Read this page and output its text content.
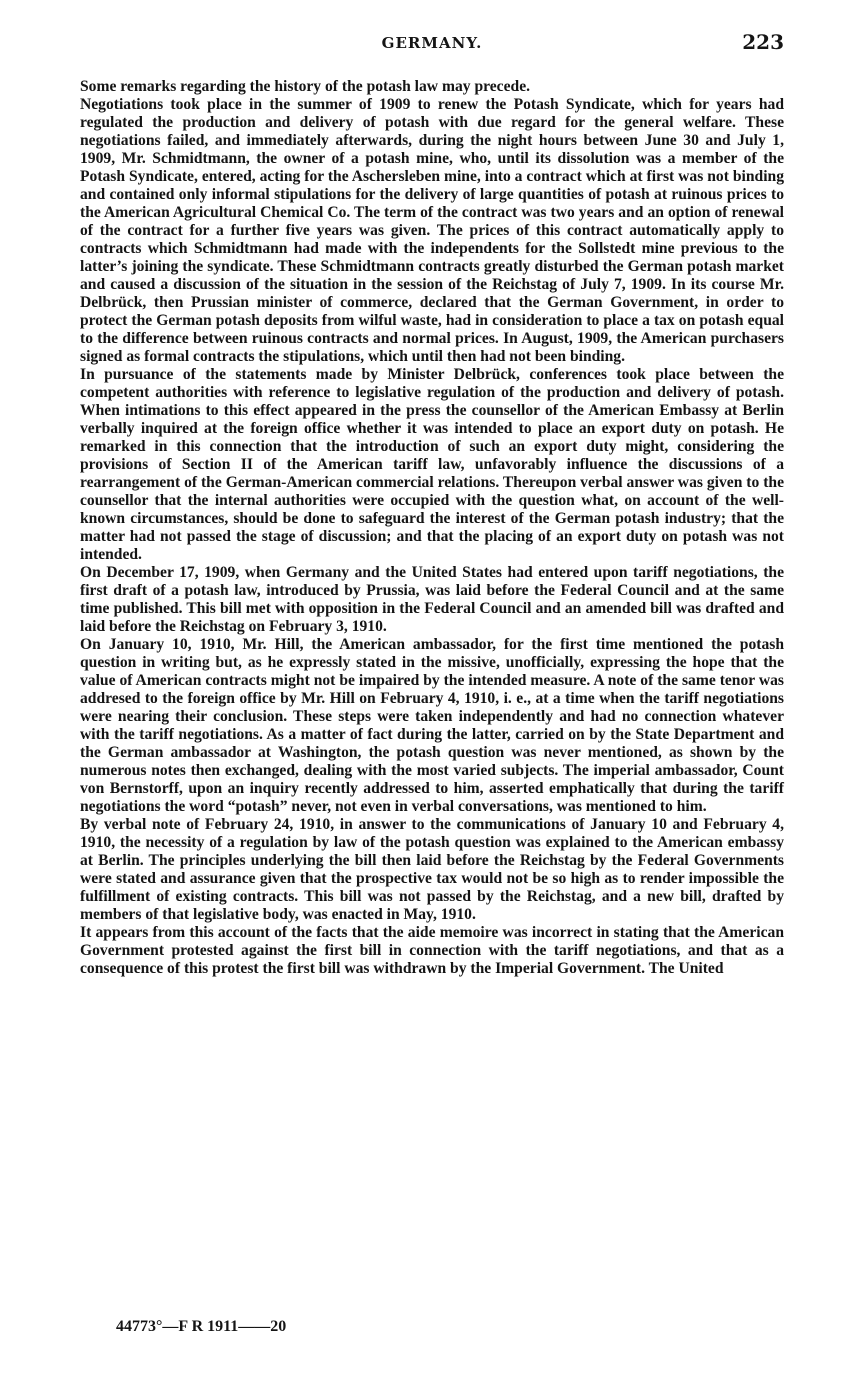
GERMANY.	223

Some remarks regarding the history of the potash law may precede.

Negotiations took place in the summer of 1909 to renew the Potash Syndicate, which for years had regulated the production and delivery of potash with due regard for the general welfare. These negotiations failed, and immediately afterwards, during the night hours between June 30 and July 1, 1909, Mr. Schmidtmann, the owner of a potash mine, who, until its dissolution was a member of the Potash Syndicate, entered, acting for the Aschersleben mine, into a contract which at first was not binding and contained only informal stipulations for the delivery of large quantities of potash at ruinous prices to the American Agricultural Chemical Co. The term of the contract was two years and an option of renewal of the contract for a further five years was given. The prices of this contract automatically apply to contracts which Schmidtmann had made with the independents for the Sollstedt mine previous to the latter’s joining the syndicate. These Schmidtmann contracts greatly disturbed the German potash market and caused a discussion of the situation in the session of the Reichstag of July 7, 1909. In its course Mr. Delbrück, then Prussian minister of commerce, declared that the German Government, in order to protect the German potash deposits from wilful waste, had in consideration to place a tax on potash equal to the difference between ruinous contracts and normal prices. In August, 1909, the American purchasers signed as formal contracts the stipulations, which until then had not been binding.

In pursuance of the statements made by Minister Delbrück, conferences took place between the competent authorities with reference to legislative regulation of the production and delivery of potash. When intimations to this effect appeared in the press the counsellor of the American Embassy at Berlin verbally inquired at the foreign office whether it was intended to place an export duty on potash. He remarked in this connection that the introduction of such an export duty might, considering the provisions of Section II of the American tariff law, unfavorably influence the discussions of a rearrangement of the German-American commercial relations. Thereupon verbal answer was given to the counsellor that the internal authorities were occupied with the question what, on account of the well-known circumstances, should be done to safeguard the interest of the German potash industry; that the matter had not passed the stage of discussion; and that the placing of an export duty on potash was not intended.

On December 17, 1909, when Germany and the United States had entered upon tariff negotiations, the first draft of a potash law, introduced by Prussia, was laid before the Federal Council and at the same time published. This bill met with opposition in the Federal Council and an amended bill was drafted and laid before the Reichstag on February 3, 1910.

On January 10, 1910, Mr. Hill, the American ambassador, for the first time mentioned the potash question in writing but, as he expressly stated in the missive, unofficially, expressing the hope that the value of American contracts might not be impaired by the intended measure. A note of the same tenor was addresed to the foreign office by Mr. Hill on February 4, 1910, i. e., at a time when the tariff negotiations were nearing their conclusion. These steps were taken independently and had no connection whatever with the tariff negotiations. As a matter of fact during the latter, carried on by the State Department and the German ambassador at Washington, the potash question was never mentioned, as shown by the numerous notes then exchanged, dealing with the most varied subjects. The imperial ambassador, Count von Bernstorff, upon an inquiry recently addressed to him, asserted emphatically that during the tariff negotiations the word “potash” never, not even in verbal conversations, was mentioned to him.

By verbal note of February 24, 1910, in answer to the communications of January 10 and February 4, 1910, the necessity of a regulation by law of the potash question was explained to the American embassy at Berlin. The principles underlying the bill then laid before the Reichstag by the Federal Governments were stated and assurance given that the prospective tax would not be so high as to render impossible the fulfillment of existing contracts. This bill was not passed by the Reichstag, and a new bill, drafted by members of that legislative body, was enacted in May, 1910.

It appears from this account of the facts that the aide memoire was incorrect in stating that the American Government protested against the first bill in connection with the tariff negotiations, and that as a consequence of this protest the first bill was withdrawn by the Imperial Government. The United

44773°—F R 1911——20
